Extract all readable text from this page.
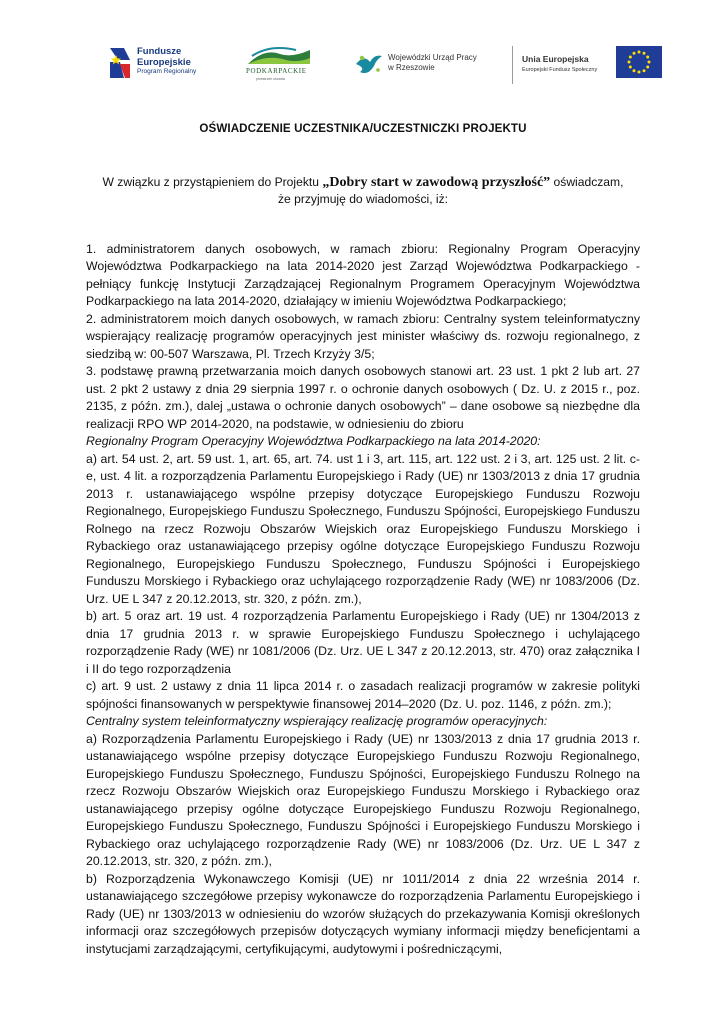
Fundusze
Europejskie
Program Regionalny	PODKARPACKIE
przestrzeń otwarta
Wojewódzki Urząd Pracy
w Rzeszowie
Unia Europejska
Europejski Fundusz Społeczny
OŚWIADCZENIE UCZESTNIKA/UCZESTNICZKI PROJEKTU

W związku z przystąpieniem do Projektu „Dobry start w zawodową przyszłość” oświadczam,
że przyjmuję do wiadomości, iż:

1. administratorem danych osobowych, w ramach zbioru: Regionalny Program Operacyjny Województwa Podkarpackiego na lata 2014-2020 jest Zarząd Województwa Podkarpackiego - pełniący funkcję Instytucji Zarządzającej Regionalnym Programem Operacyjnym Województwa Podkarpackiego na lata 2014-2020, działający w imieniu Województwa Podkarpackiego;

2. administratorem moich danych osobowych, w ramach zbioru: Centralny system teleinformatyczny wspierający realizację programów operacyjnych jest minister właściwy ds. rozwoju regionalnego, z siedzibą w: 00-507 Warszawa, Pl. Trzech Krzyży 3/5;

3. podstawę prawną przetwarzania moich danych osobowych stanowi art. 23 ust. 1 pkt 2 lub art. 27 ust. 2 pkt 2 ustawy z dnia 29 sierpnia 1997 r. o ochronie danych osobowych ( Dz. U. z 2015 r., poz. 2135, z późn. zm.), dalej „ustawa o ochronie danych osobowych” – dane osobowe są niezbędne dla realizacji RPO WP 2014-2020, na podstawie, w odniesieniu do zbioru

Regionalny Program Operacyjny Województwa Podkarpackiego na lata 2014-2020:

a) art. 54 ust. 2, art. 59 ust. 1, art. 65, art. 74. ust 1 i 3, art. 115, art. 122 ust. 2 i 3, art. 125 ust. 2 lit. c-e, ust. 4 lit. a rozporządzenia Parlamentu Europejskiego i Rady (UE) nr 1303/2013 z dnia 17 grudnia 2013 r. ustanawiającego wspólne przepisy dotyczące Europejskiego Funduszu Rozwoju Regionalnego, Europejskiego Funduszu Społecznego, Funduszu Spójności, Europejskiego Funduszu Rolnego na rzecz Rozwoju Obszarów Wiejskich oraz Europejskiego Funduszu Morskiego i Rybackiego oraz ustanawiającego przepisy ogólne dotyczące Europejskiego Funduszu Rozwoju Regionalnego, Europejskiego Funduszu Społecznego, Funduszu Spójności i Europejskiego Funduszu Morskiego i Rybackiego oraz uchylającego rozporządzenie Rady (WE) nr 1083/2006 (Dz. Urz. UE L 347 z 20.12.2013, str. 320, z późn. zm.),

b) art. 5 oraz art. 19 ust. 4 rozporządzenia Parlamentu Europejskiego i Rady (UE) nr 1304/2013 z dnia 17 grudnia 2013 r. w sprawie Europejskiego Funduszu Społecznego i uchylającego rozporządzenie Rady (WE) nr 1081/2006 (Dz. Urz. UE L 347 z 20.12.2013, str. 470) oraz załącznika I i II do tego rozporządzenia

c) art. 9 ust. 2 ustawy z dnia 11 lipca 2014 r. o zasadach realizacji programów w zakresie polityki spójności finansowanych w perspektywie finansowej 2014–2020 (Dz. U. poz. 1146, z późn. zm.);

Centralny system teleinformatyczny wspierający realizację programów operacyjnych:

a) Rozporządzenia Parlamentu Europejskiego i Rady (UE) nr 1303/2013 z dnia 17 grudnia 2013 r. ustanawiającego wspólne przepisy dotyczące Europejskiego Funduszu Rozwoju Regionalnego, Europejskiego Funduszu Społecznego, Funduszu Spójności, Europejskiego Funduszu Rolnego na rzecz Rozwoju Obszarów Wiejskich oraz Europejskiego Funduszu Morskiego i Rybackiego oraz ustanawiającego przepisy ogólne dotyczące Europejskiego Funduszu Rozwoju Regionalnego, Europejskiego Funduszu Społecznego, Funduszu Spójności i Europejskiego Funduszu Morskiego i Rybackiego oraz uchylającego rozporządzenie Rady (WE) nr 1083/2006 (Dz. Urz. UE L 347 z 20.12.2013, str. 320, z późn. zm.),

b) Rozporządzenia Wykonawczego Komisji (UE) nr 1011/2014 z dnia 22 września 2014 r. ustanawiającego szczegółowe przepisy wykonawcze do rozporządzenia Parlamentu Europejskiego i Rady (UE) nr 1303/2013 w odniesieniu do wzorów służących do przekazywania Komisji określonych informacji oraz szczegółowych przepisów dotyczących wymiany informacji między beneficjentami a instytucjami zarządzającymi, certyfikującymi, audytowymi i pośredniczącymi,
